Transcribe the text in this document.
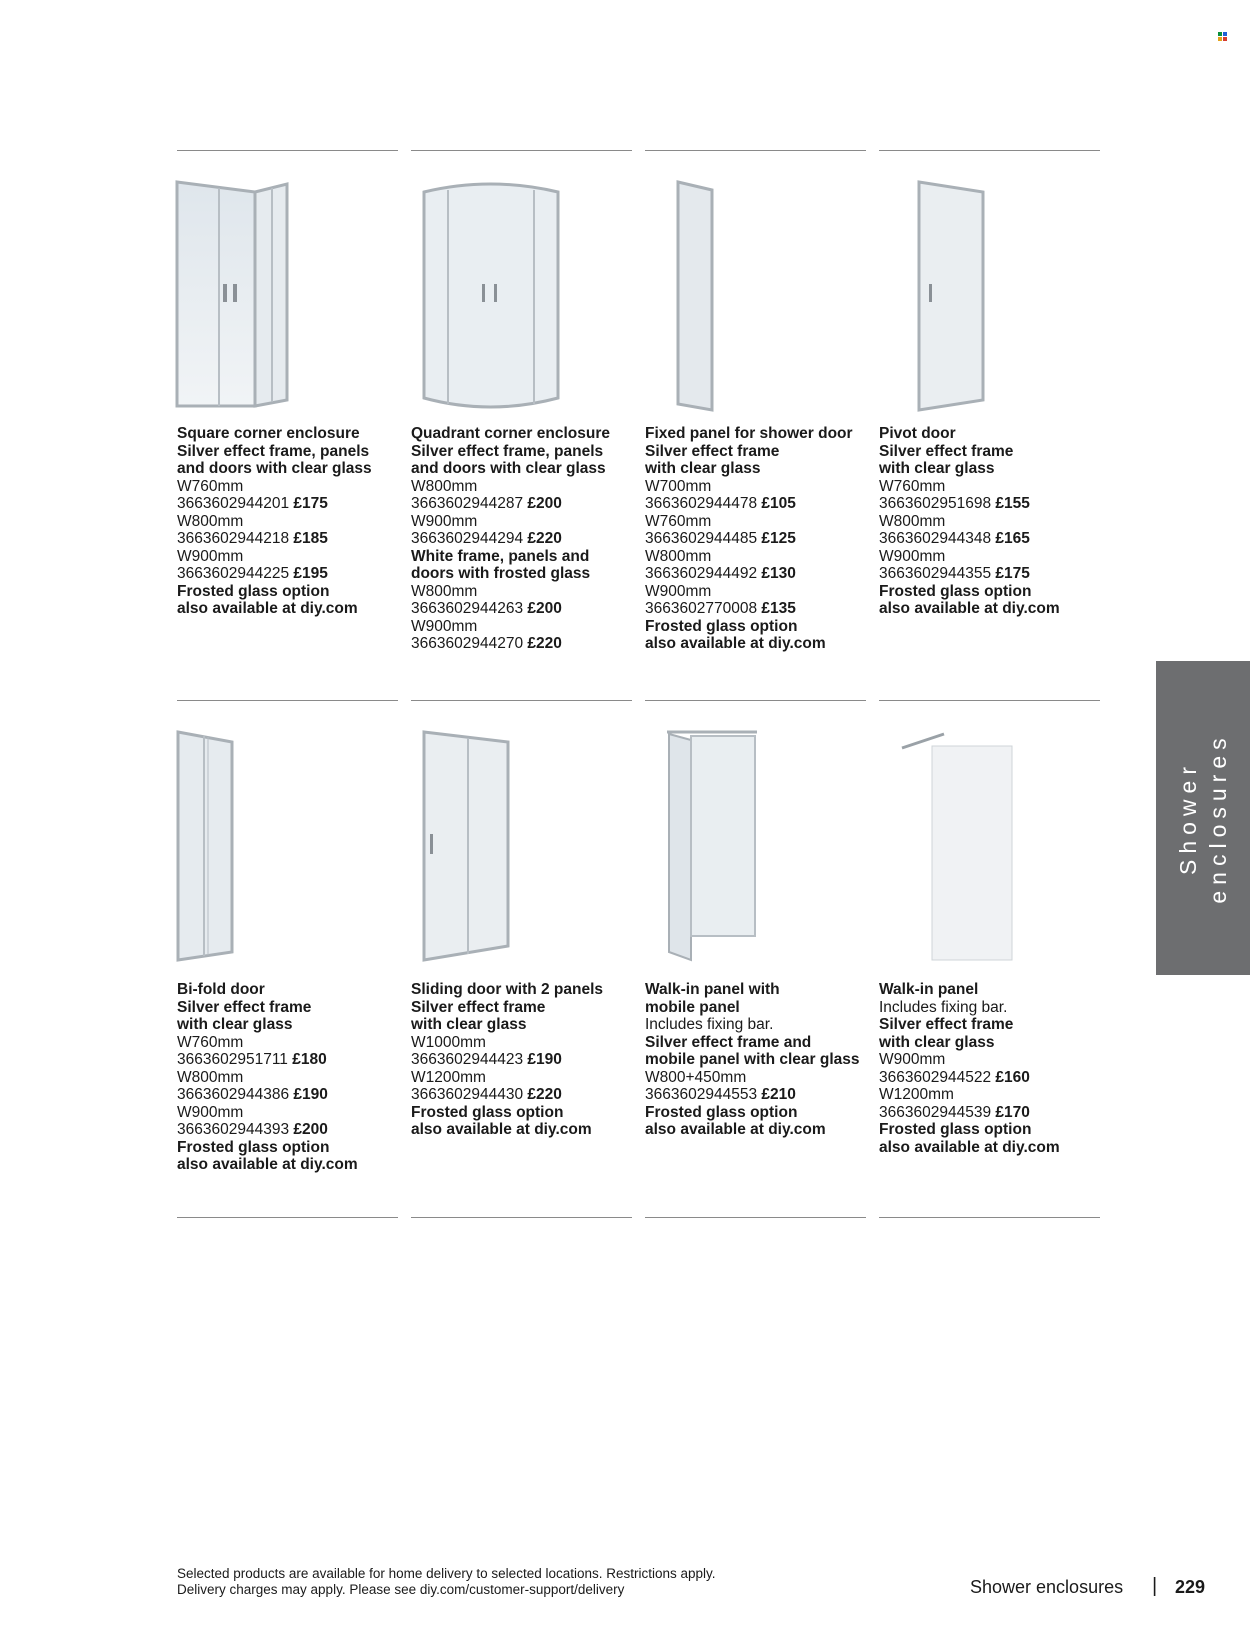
Square corner enclosure
Silver effect frame, panels
and doors with clear glass
W760mm
3663602944201 £175
W800mm
3663602944218 £185
W900mm
3663602944225 £195
Frosted glass option
also available at diy.com
Quadrant corner enclosure
Silver effect frame, panels
and doors with clear glass
W800mm
3663602944287 £200
W900mm
3663602944294 £220
White frame, panels and
doors with frosted glass
W800mm
3663602944263 £200
W900mm
3663602944270 £220
Fixed panel for shower door
Silver effect frame
with clear glass
W700mm
3663602944478 £105
W760mm
3663602944485 £125
W800mm
3663602944492 £130
W900mm
3663602770008 £135
Frosted glass option
also available at diy.com
Pivot door
Silver effect frame
with clear glass
W760mm
3663602951698 £155
W800mm
3663602944348 £165
W900mm
3663602944355 £175
Frosted glass option
also available at diy.com
Bi-fold door
Silver effect frame
with clear glass
W760mm
3663602951711 £180
W800mm
3663602944386 £190
W900mm
3663602944393 £200
Frosted glass option
also available at diy.com
Sliding door with 2 panels
Silver effect frame
with clear glass
W1000mm
3663602944423 £190
W1200mm
3663602944430 £220
Frosted glass option
also available at diy.com
Walk-in panel with
mobile panel
Includes fixing bar.
Silver effect frame and
mobile panel with clear glass
W800+450mm
3663602944553 £210
Frosted glass option
also available at diy.com
Walk-in panel
Includes fixing bar.
Silver effect frame
with clear glass
W900mm
3663602944522 £160
W1200mm
3663602944539 £170
Frosted glass option
also available at diy.com
Shower enclosures
Selected products are available for home delivery to selected locations. Restrictions apply.
Delivery charges may apply. Please see diy.com/customer-support/delivery	Shower enclosures | 229
